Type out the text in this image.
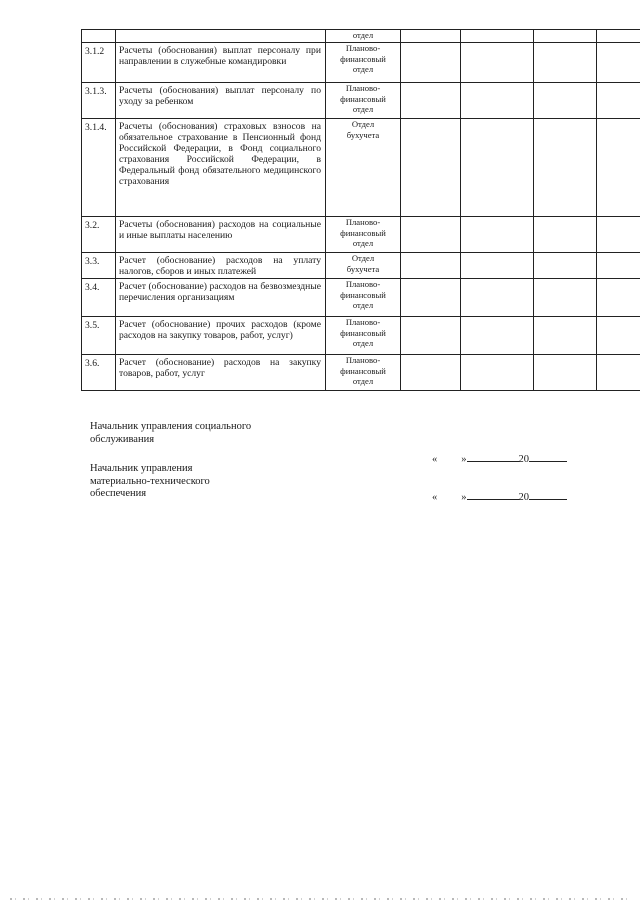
		отдел				

3.1.2	Расчеты (обоснования) выплат персоналу при направлении в служебные командировки	Планово-
финансовый
отдел				

3.1.3.	Расчеты (обоснования) выплат персоналу по уходу за ребенком	Планово-
финансовый
отдел				

3.1.4.	Расчеты (обоснования) страховых взносов на обязательное страхование в Пенсионный фонд Российской Федерации, в Фонд социального страхования Российской Федерации, в Федеральный фонд обязательного медицинского страхования	Отдел
бухучета				

3.2.	Расчеты (обоснования) расходов на социальные и иные выплаты населению	Планово-
финансовый
отдел				

3.3.	Расчет (обоснование) расходов на уплату налогов, сборов и иных платежей	Отдел
бухучета				

3.4.	Расчет (обоснование) расходов на безвозмездные перечисления организациям	Планово-
финансовый
отдел				

3.5.	Расчет (обоснование) прочих расходов (кроме расходов на закупку товаров, работ, услуг)	Планово-
финансовый
отдел				

3.6.	Расчет (обоснование) расходов на закупку товаров, работ, услуг	Планово-
финансовый
отдел				

Начальник управления социального
обслуживания
« »	20
Начальник управления
материально-технического
обеспечения	« »	20
